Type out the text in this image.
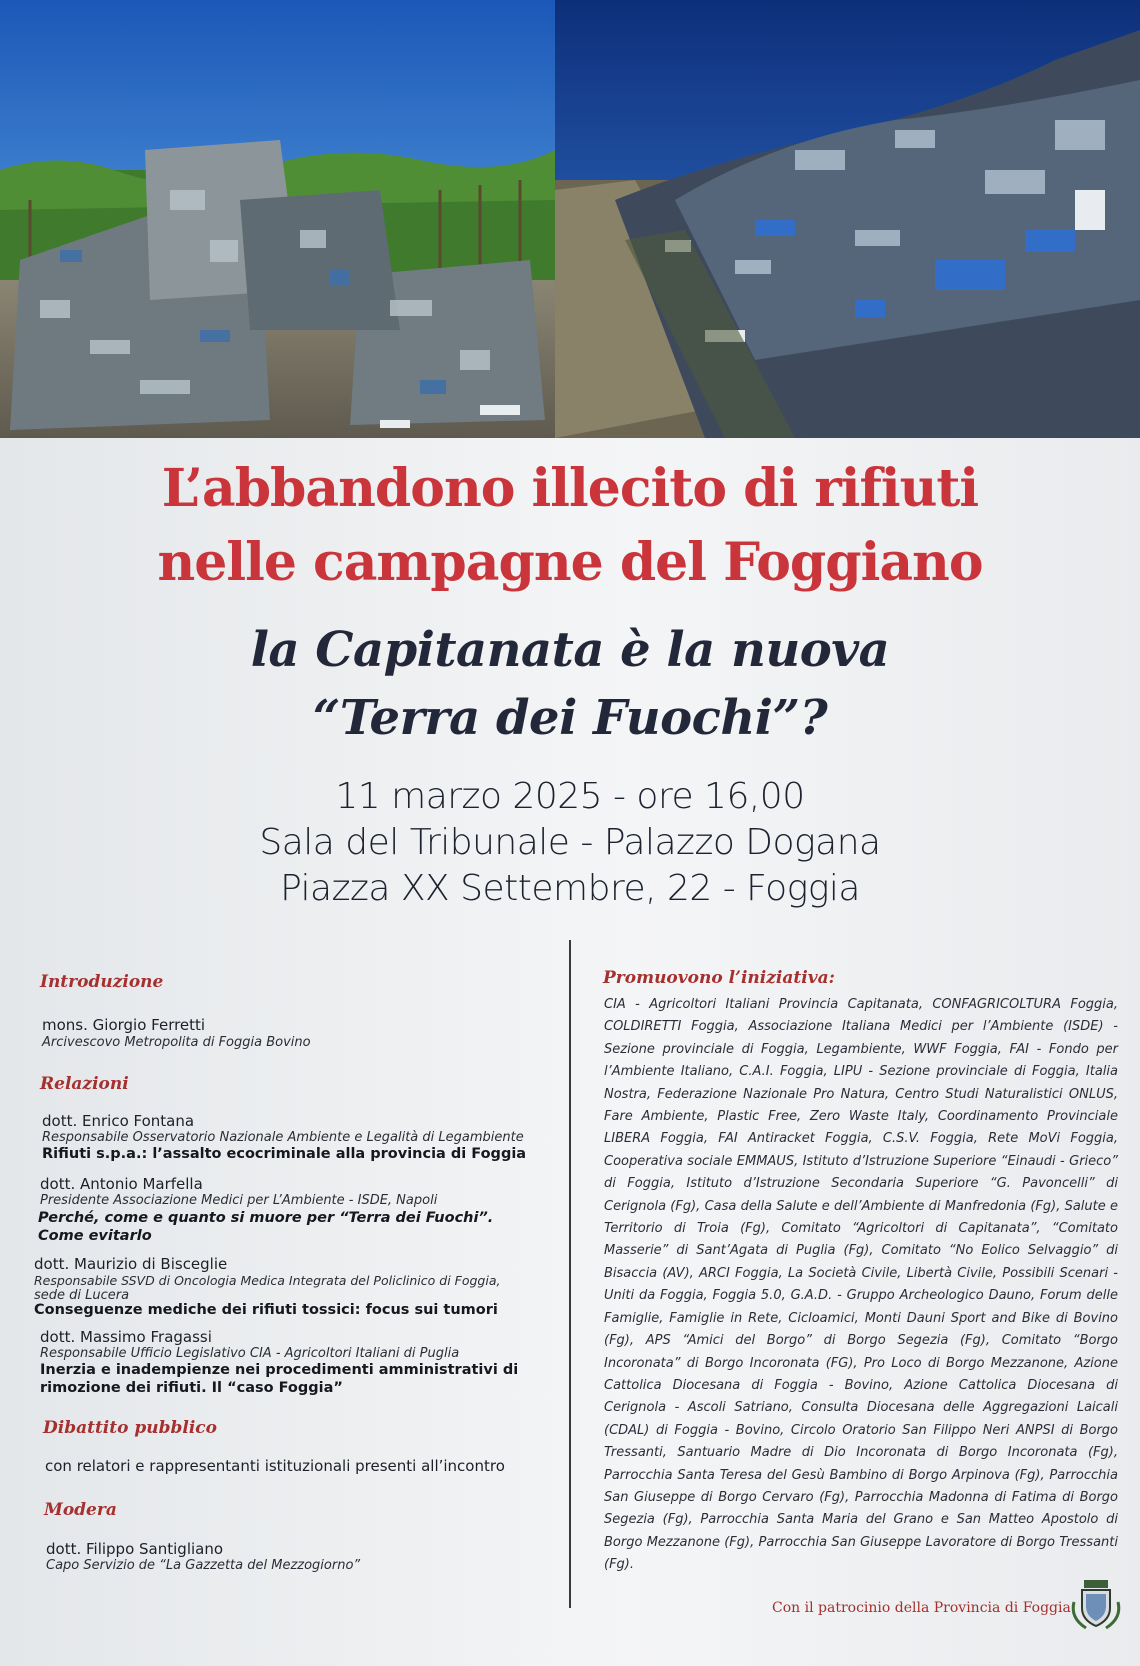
L’abbandono illecito di rifiuti
nelle campagne del Foggiano
la Capitanata è la nuova
“Terra dei Fuochi”?

11 marzo 2025 - ore 16,00

Sala del Tribunale - Palazzo Dogana

Piazza XX Settembre, 22 - Foggia

Introduzione
mons. Giorgio Ferretti
Arcivescovo Metropolita di Foggia Bovino
Relazioni
dott. Enrico Fontana
Responsabile Osservatorio Nazionale Ambiente e Legalità di Legambiente
Rifiuti s.p.a.: l’assalto ecocriminale alla provincia di Foggia
dott. Antonio Marfella
Presidente Associazione Medici per L’Ambiente - ISDE, Napoli
Perché, come e quanto si muore per “Terra dei Fuochi”.
Come evitarlo
dott. Maurizio di Bisceglie
Responsabile SSVD di Oncologia Medica Integrata del Policlinico di Foggia,
sede di Lucera
Conseguenze mediche dei rifiuti tossici: focus sui tumori
dott. Massimo Fragassi
Responsabile Ufficio Legislativo CIA - Agricoltori Italiani di Puglia
Inerzia e inadempienze nei procedimenti amministrativi di
rimozione dei rifiuti. Il “caso Foggia”
Dibattito pubblico
con relatori e rappresentanti istituzionali presenti all’incontro
Modera
dott. Filippo Santigliano
Capo Servizio de “La Gazzetta del Mezzogiorno”
Promuovono l’iniziativa:

CIA - Agricoltori Italiani Provincia Capitanata, CONFAGRICOLTURA Foggia, COLDIRETTI Foggia, Associazione Italiana Medici per l’Ambiente (ISDE) - Sezione provinciale di Foggia, Legambiente, WWF Foggia, FAI - Fondo per l’Ambiente Italiano, C.A.I. Foggia, LIPU - Sezione provinciale di Foggia, Italia Nostra, Federazione Nazionale Pro Natura, Centro Studi Naturalistici ONLUS, Fare Ambiente, Plastic Free, Zero Waste Italy, Coordinamento Provinciale LIBERA Foggia, FAI Antiracket Foggia, C.S.V. Foggia, Rete MoVi Foggia, Cooperativa sociale EMMAUS, Istituto d’Istruzione Superiore “Einaudi - Grieco” di Foggia, Istituto d’Istruzione Secondaria Superiore “G. Pavoncelli” di Cerignola (Fg), Casa della Salute e dell’Ambiente di Manfredonia (Fg), Salute e Territorio di Troia (Fg), Comitato “Agricoltori di Capitanata”, “Comitato Masserie” di Sant’Agata di Puglia (Fg), Comitato “No Eolico Selvaggio” di Bisaccia (AV), ARCI Foggia, La Società Civile, Libertà Civile, Possibili Scenari - Uniti da Foggia, Foggia 5.0, G.A.D. - Gruppo Archeologico Dauno, Forum delle Famiglie, Famiglie in Rete, Cicloamici, Monti Dauni Sport and Bike di Bovino (Fg), APS “Amici del Borgo” di Borgo Segezia (Fg), Comitato “Borgo Incoronata” di Borgo Incoronata (FG), Pro Loco di Borgo Mezzanone, Azione Cattolica Diocesana di Foggia - Bovino, Azione Cattolica Diocesana di Cerignola - Ascoli Satriano, Consulta Diocesana delle Aggregazioni Laicali (CDAL) di Foggia - Bovino, Circolo Oratorio San Filippo Neri ANPSI di Borgo Tressanti, Santuario Madre di Dio Incoronata di Borgo Incoronata (Fg), Parrocchia Santa Teresa del Gesù Bambino di Borgo Arpinova (Fg), Parrocchia San Giuseppe di Borgo Cervaro (Fg), Parrocchia Madonna di Fatima di Borgo Segezia (Fg), Parrocchia Santa Maria del Grano e San Matteo Apostolo di Borgo Mezzanone (Fg), Parrocchia San Giuseppe Lavoratore di Borgo Tressanti (Fg).

Con il patrocinio della Provincia di Foggia
